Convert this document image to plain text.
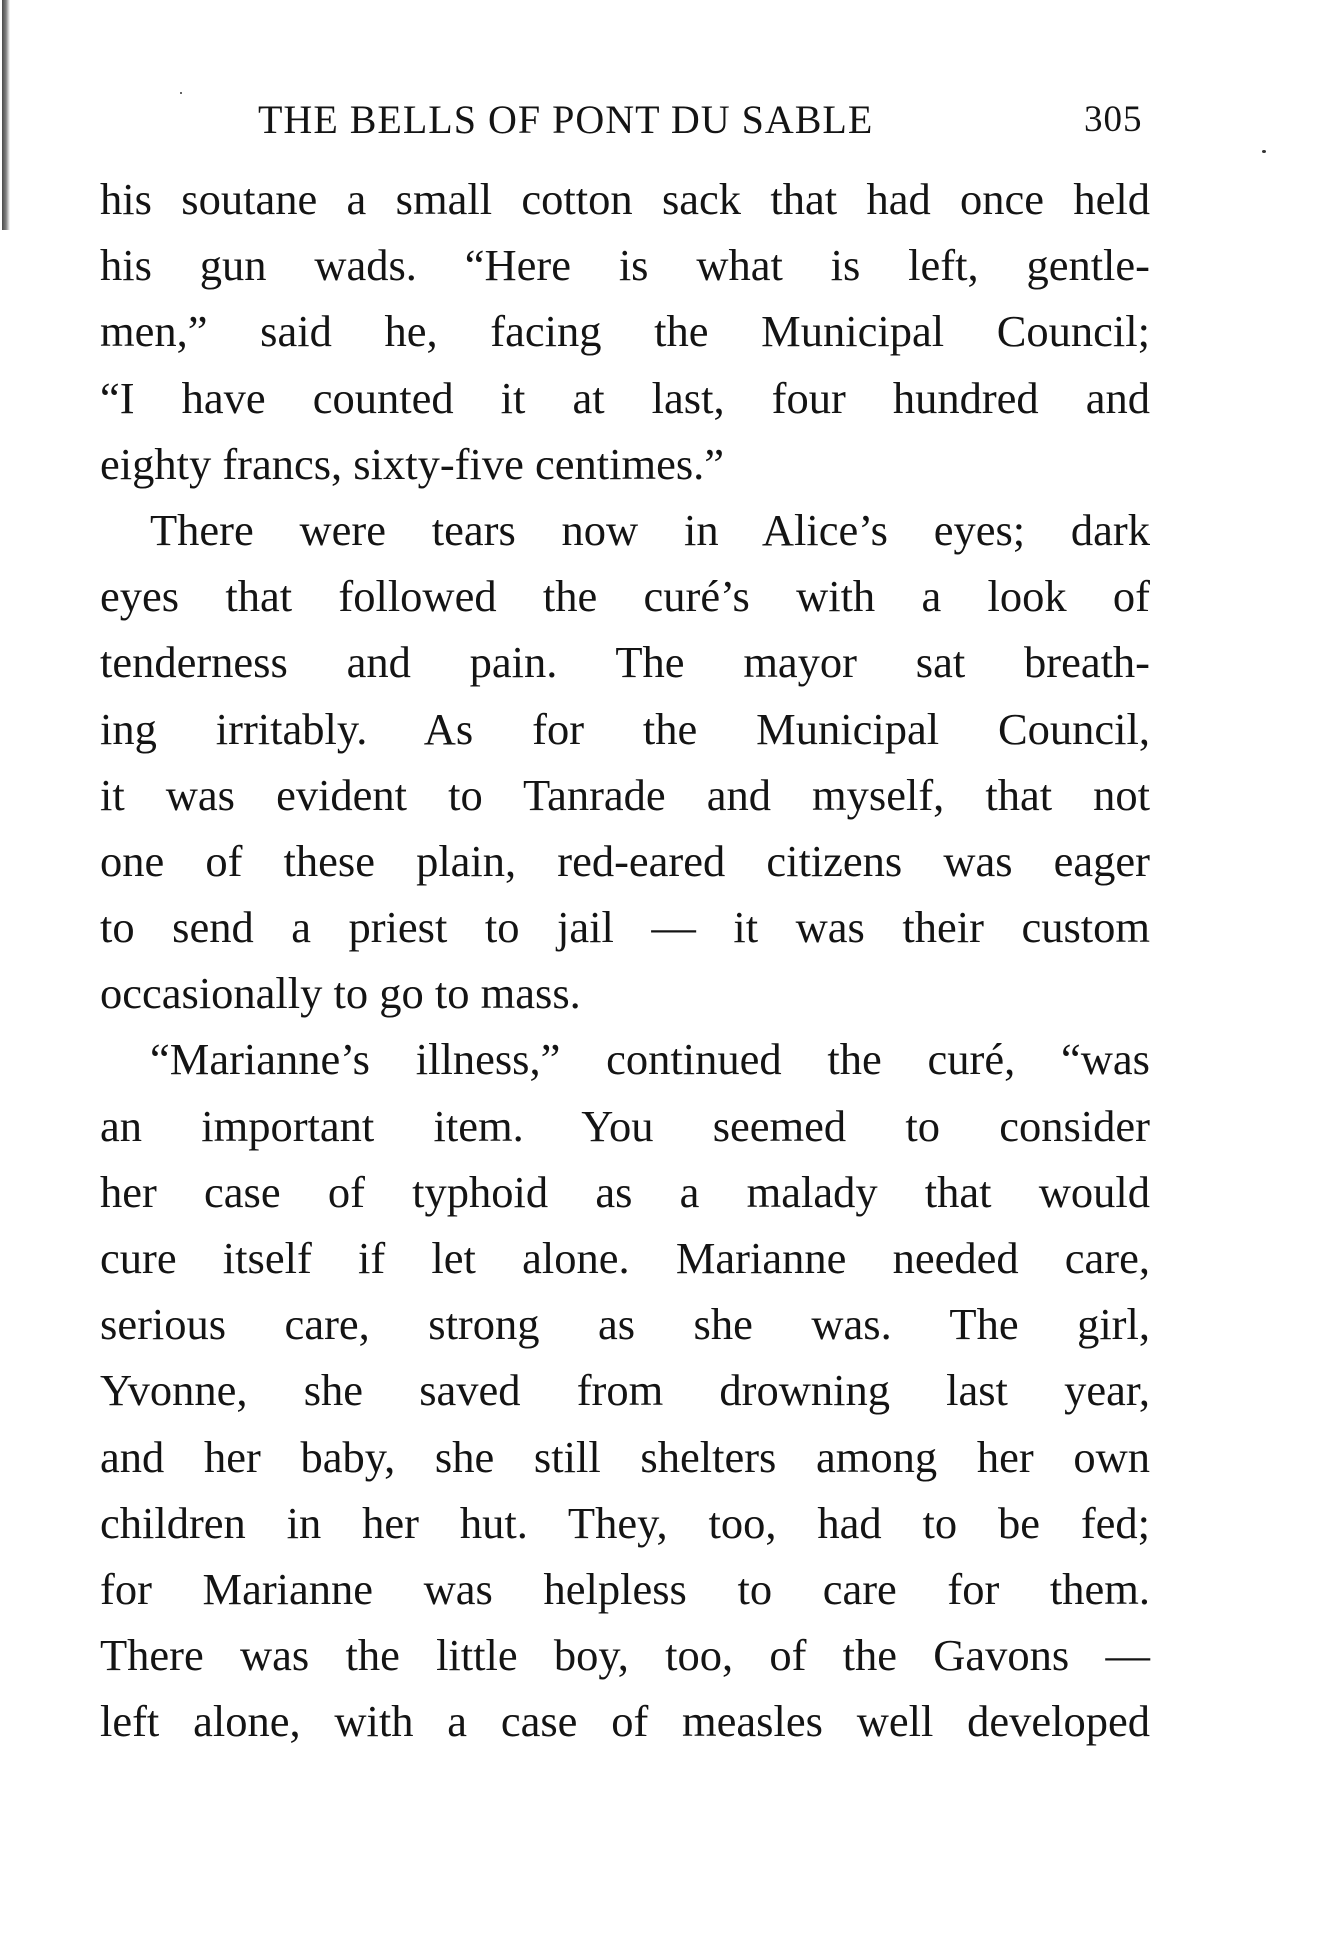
THE BELLS OF PONT DU SABLE	305
his soutane a small cotton sack that had once held
his gun wads. “Here is what is left, gentle-
men,” said he, facing the Municipal Council;
“I have counted it at last, four hundred and
eighty francs, sixty-five centimes.”
There were tears now in Alice’s eyes; dark
eyes that followed the curé’s with a look of
tenderness and pain. The mayor sat breath-
ing irritably. As for the Municipal Council,
it was evident to Tanrade and myself, that not
one of these plain, red-eared citizens was eager
to send a priest to jail — it was their custom
occasionally to go to mass.
“Marianne’s illness,” continued the curé, “was
an important item. You seemed to consider
her case of typhoid as a malady that would
cure itself if let alone. Marianne needed care,
serious care, strong as she was. The girl,
Yvonne, she saved from drowning last year,
and her baby, she still shelters among her own
children in her hut. They, too, had to be fed;
for Marianne was helpless to care for them.
There was the little boy, too, of the Gavons —
left alone, with a case of measles well developed
